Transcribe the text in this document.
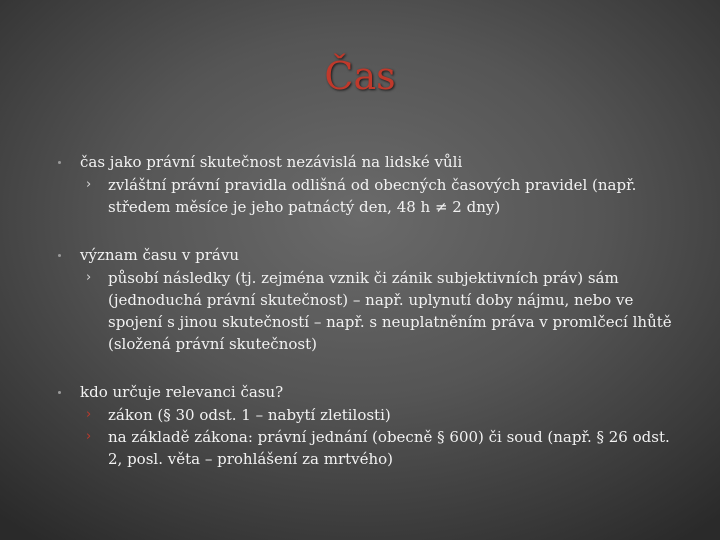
Čas
čas jako právní skutečnost nezávislá na lidské vůli
› zvláštní právní pravidla odlišná od obecných časových pravidel (např. středem měsíce je jeho patnáctý den, 48 h ≠ 2 dny)
význam času v právu
› působí následky (tj. zejména vznik či zánik subjektivních práv) sám (jednoduchá právní skutečnost) – např. uplynutí doby nájmu, nebo ve spojení s jinou skutečností – např. s neuplatněním práva v promlčecí lhůtě (složená právní skutečnost)
kdo určuje relevanci času?
› zákon (§ 30 odst. 1 – nabytí zletilosti)
› na základě zákona: právní jednání (obecně § 600) či soud (např. § 26 odst. 2, posl. věta – prohlášení za mrtvého)
